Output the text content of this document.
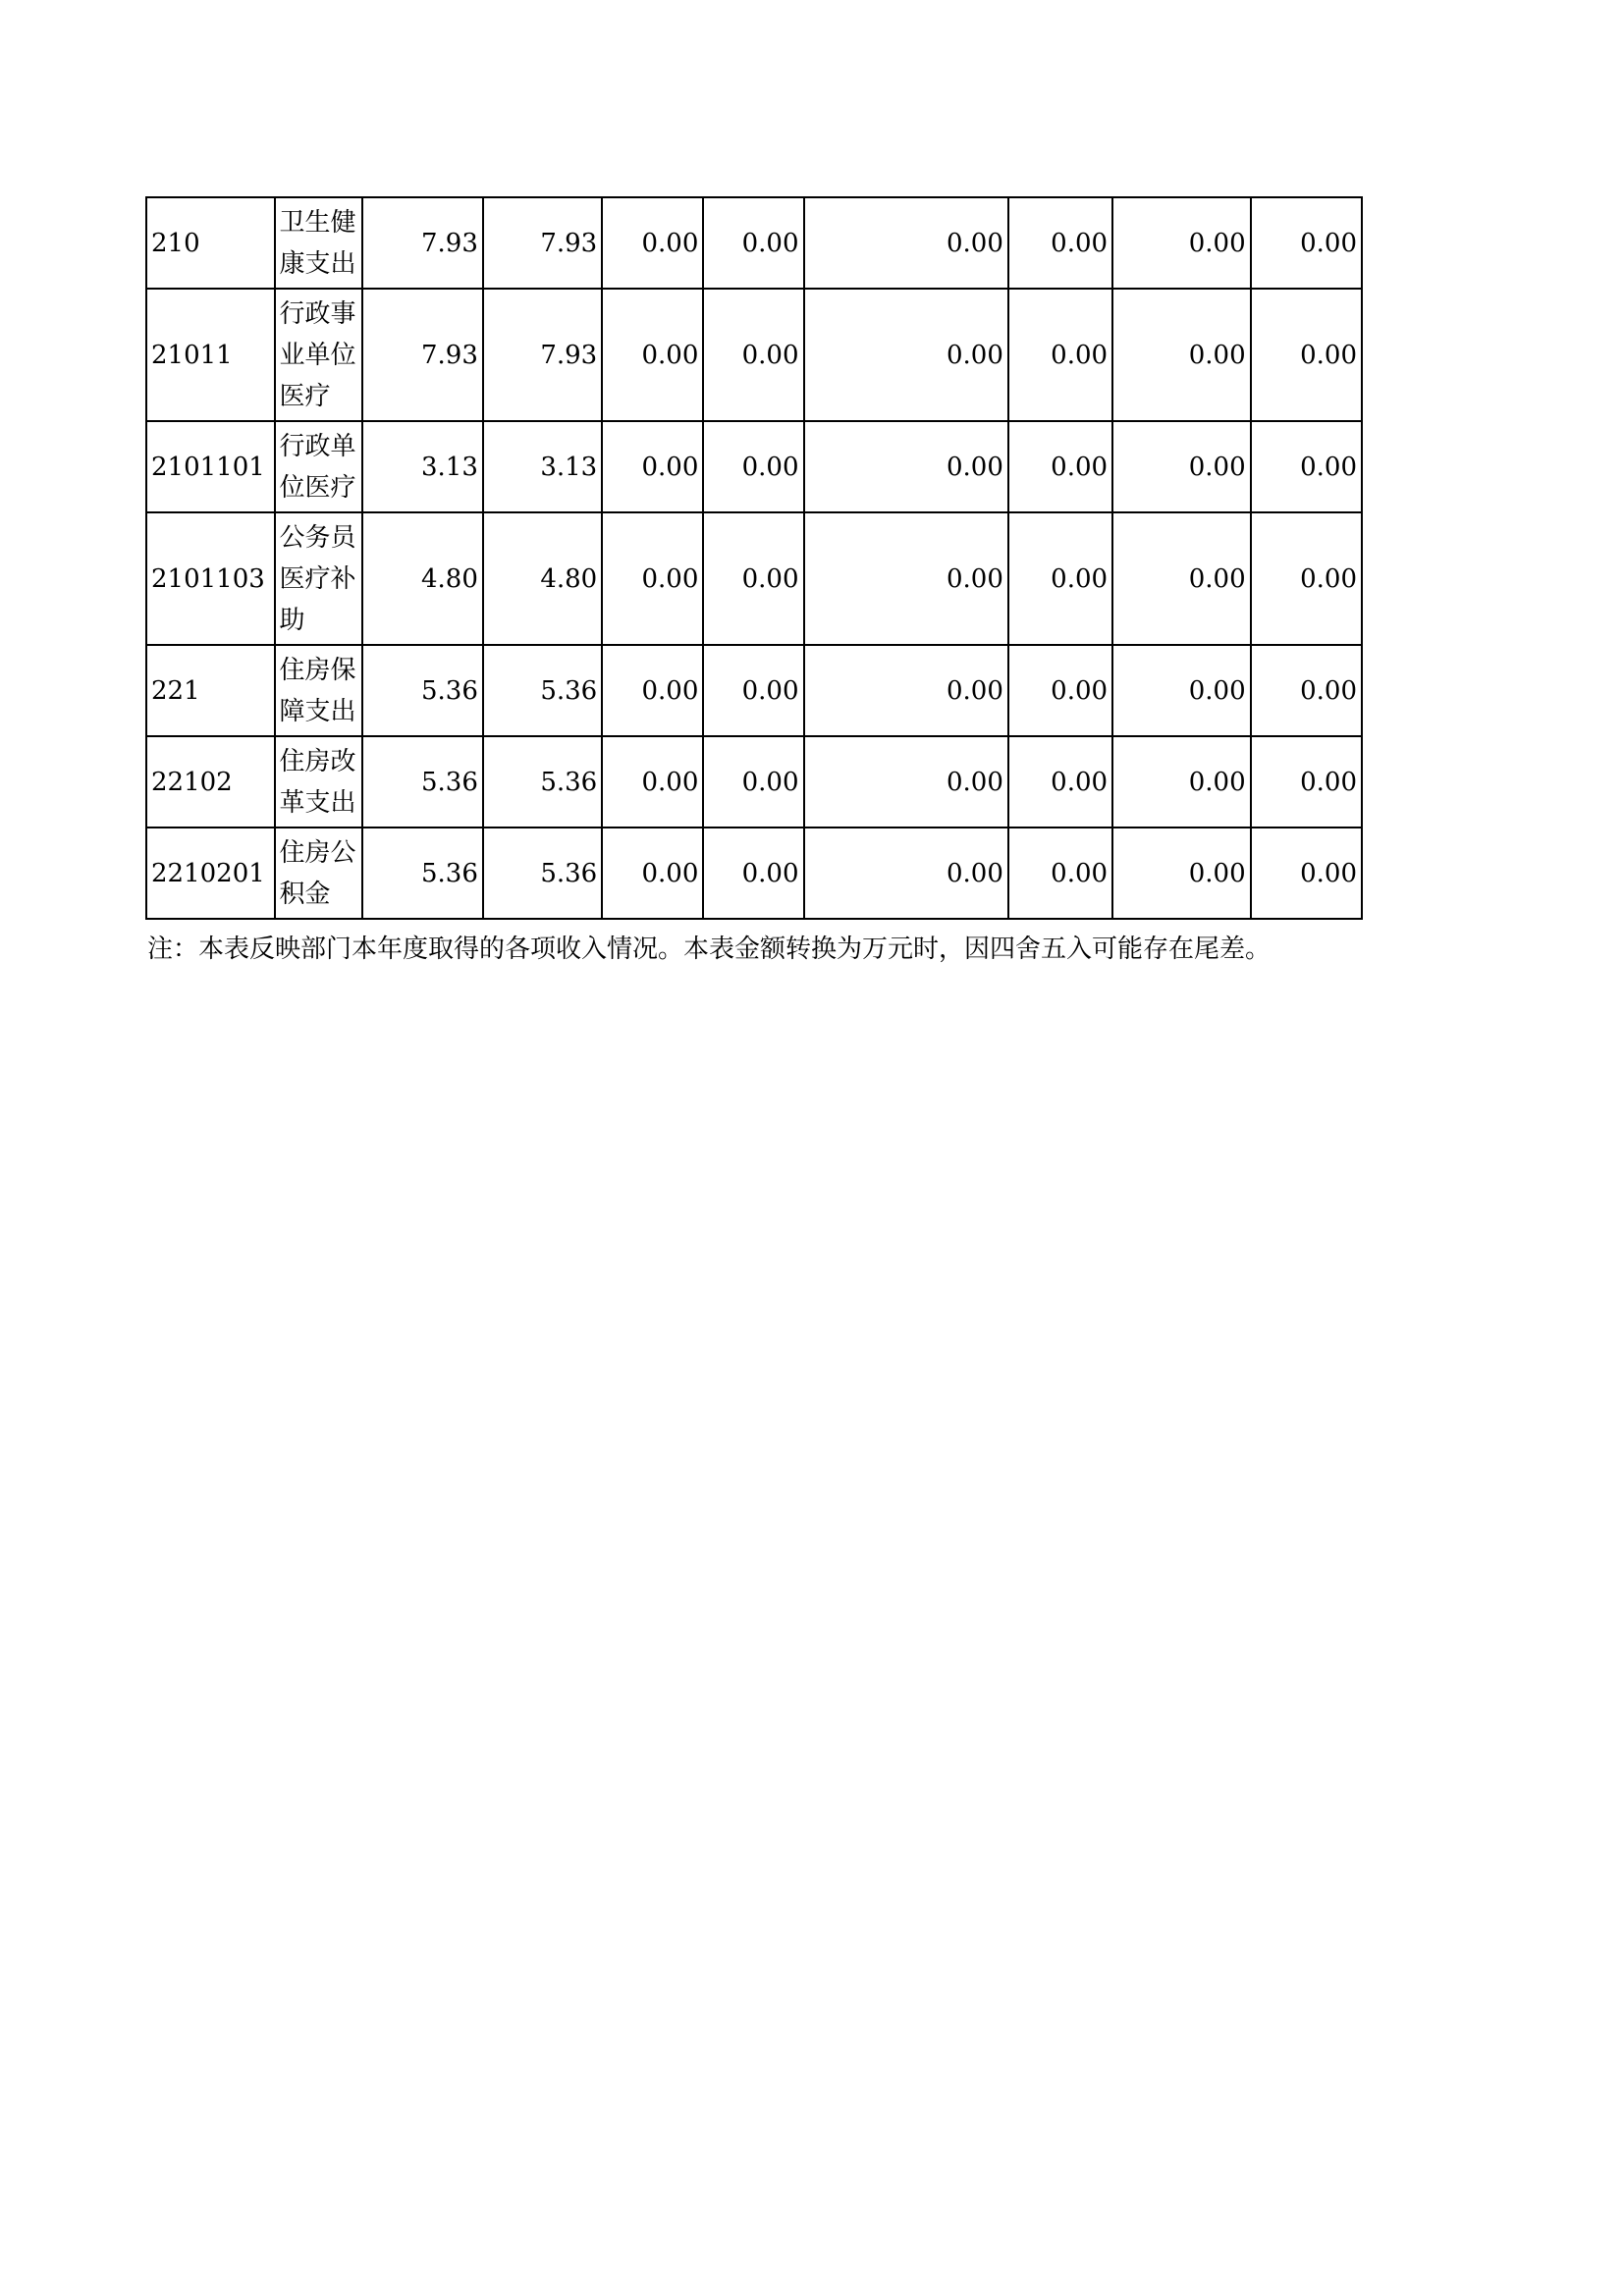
210	卫生健康支出	7.93	7.93	0.00	0.00	0.00	0.00	0.00	0.00
21011	行政事业单位医疗	7.93	7.93	0.00	0.00	0.00	0.00	0.00	0.00
2101101	行政单位医疗	3.13	3.13	0.00	0.00	0.00	0.00	0.00	0.00
2101103	公务员医疗补助	4.80	4.80	0.00	0.00	0.00	0.00	0.00	0.00
221	住房保障支出	5.36	5.36	0.00	0.00	0.00	0.00	0.00	0.00
22102	住房改革支出	5.36	5.36	0.00	0.00	0.00	0.00	0.00	0.00
2210201	住房公积金	5.36	5.36	0.00	0.00	0.00	0.00	0.00	0.00
注：本表反映部门本年度取得的各项收入情况。本表金额转换为万元时，因四舍五入可能存在尾差。
